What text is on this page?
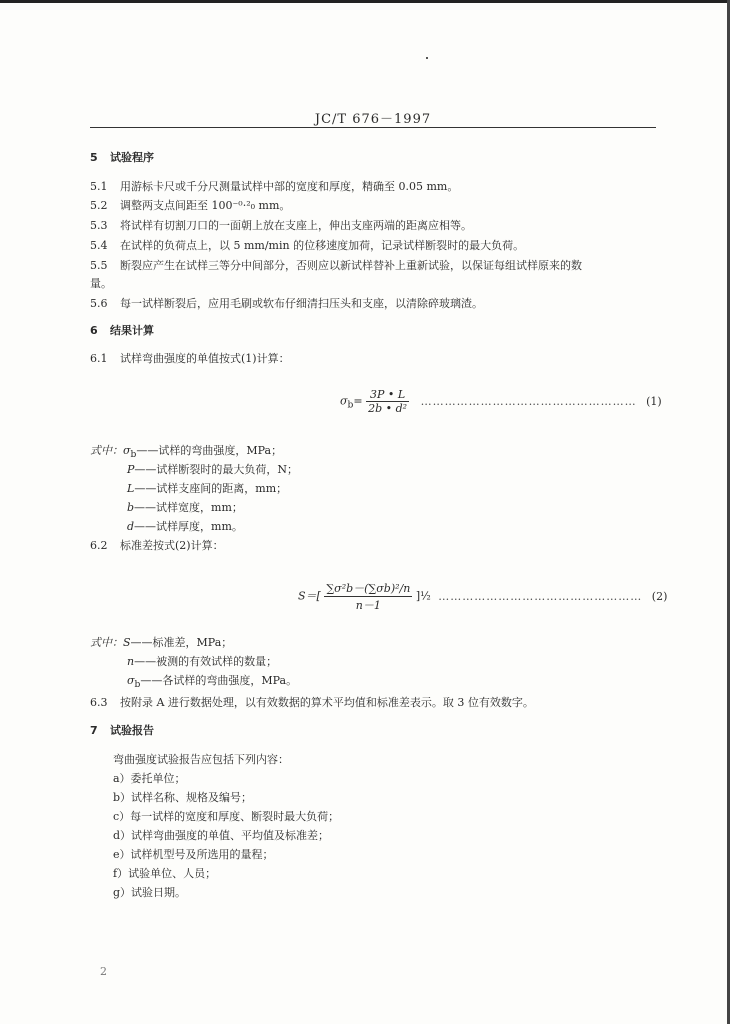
JC/T 676－1997
5 试验程序
5.1 用游标卡尺或千分尺测量试样中部的宽度和厚度，精确至 0.05 mm。
5.2 调整两支点间距至 100⁻⁰·²₀ mm。
5.3 将试样有切割刀口的一面朝上放在支座上，伸出支座两端的距离应相等。
5.4 在试样的负荷点上，以 5 mm/min 的位移速度加荷，记录试样断裂时的最大负荷。
5.5 断裂应产生在试样三等分中间部分，否则应以新试样替补上重新试验，以保证每组试样原来的数
量。
5.6 每一试样断裂后，应用毛刷或软布仔细清扫压头和支座，以清除碎玻璃渣。
6 结果计算
6.1 试样弯曲强度的单值按式(1)计算：
$\sigma_b= \frac{3P • L}{\text{2b • d²}}$ ……………………………………………… (1)
式中：$\sigma_b——$试样的弯曲强度，MPa；
P——试样断裂时的最大负荷，N；
L——试样支座间的距离，mm；
b——试样宽度，mm；
d——试样厚度，mm。
6.2 标准差按式(2)计算：
$S=[ \frac{\text{∑σ²b－(∑σb)²/n}}{n-1}$ ]½ …………………………………………… (2)
式中：S——标准差，MPa；
n——被测的有效试样的数量；
$\sigma_b——$各试样的弯曲强度，MPa。
6.3 按附录 A 进行数据处理，以有效数据的算术平均值和标准差表示。取 3 位有效数字。
7 试验报告
弯曲强度试验报告应包括下列内容：
a）委托单位；
b）试样名称、规格及编号；
c）每一试样的宽度和厚度、断裂时最大负荷；
d）试样弯曲强度的单值、平均值及标准差；
e）试样机型号及所选用的量程；
f）试验单位、人员；
g）试验日期。
2
